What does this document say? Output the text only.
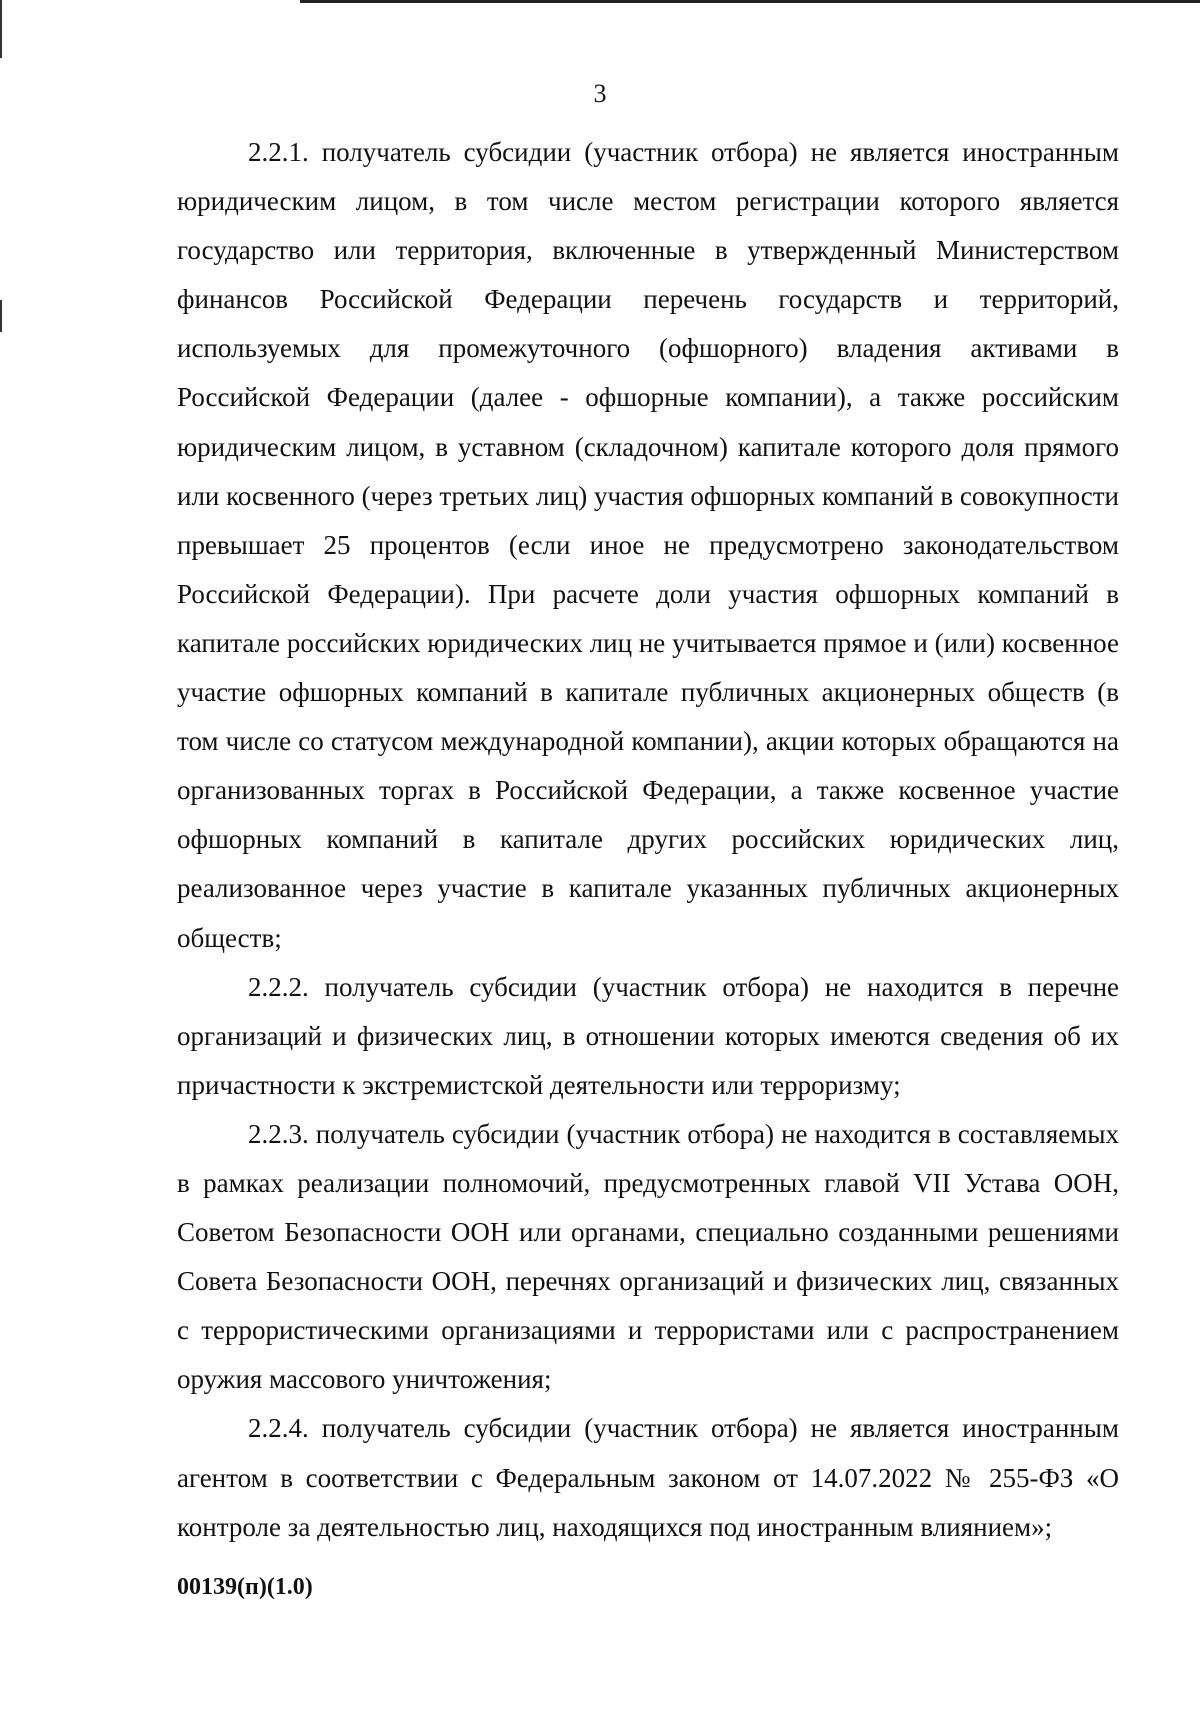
3

2.2.1. получатель субсидии (участник отбора) не является иностранным юридическим лицом, в том числе местом регистрации которого является государство или территория, включенные в утвержденный Министерством финансов Российской Федерации перечень государств и территорий, используемых для промежуточного (офшорного) владения активами в Российской Федерации (далее - офшорные компании), а также российским юридическим лицом, в уставном (складочном) капитале которого доля прямого или косвенного (через третьих лиц) участия офшорных компаний в совокупности превышает 25 процентов (если иное не предусмотрено законодательством Российской Федерации). При расчете доли участия офшорных компаний в капитале российских юридических лиц не учитывается прямое и (или) косвенное участие офшорных компаний в капитале публичных акционерных обществ (в том числе со статусом международной компании), акции которых обращаются на организованных торгах в Российской Федерации, а также косвенное участие офшорных компаний в капитале других российских юридических лиц, реализованное через участие в капитале указанных публичных акционерных обществ;

2.2.2. получатель субсидии (участник отбора) не находится в перечне организаций и физических лиц, в отношении которых имеются сведения об их причастности к экстремистской деятельности или терроризму;

2.2.3. получатель субсидии (участник отбора) не находится в составляемых в рамках реализации полномочий, предусмотренных главой VII Устава ООН, Советом Безопасности ООН или органами, специально созданными решениями Совета Безопасности ООН, перечнях организаций и физических лиц, связанных с террористическими организациями и террористами или с распространением оружия массового уничтожения;

2.2.4. получатель субсидии (участник отбора) не является иностранным агентом в соответствии с Федеральным законом от 14.07.2022 № 255-ФЗ «О контроле за деятельностью лиц, находящихся под иностранным влиянием»;

00139(п)(1.0)
